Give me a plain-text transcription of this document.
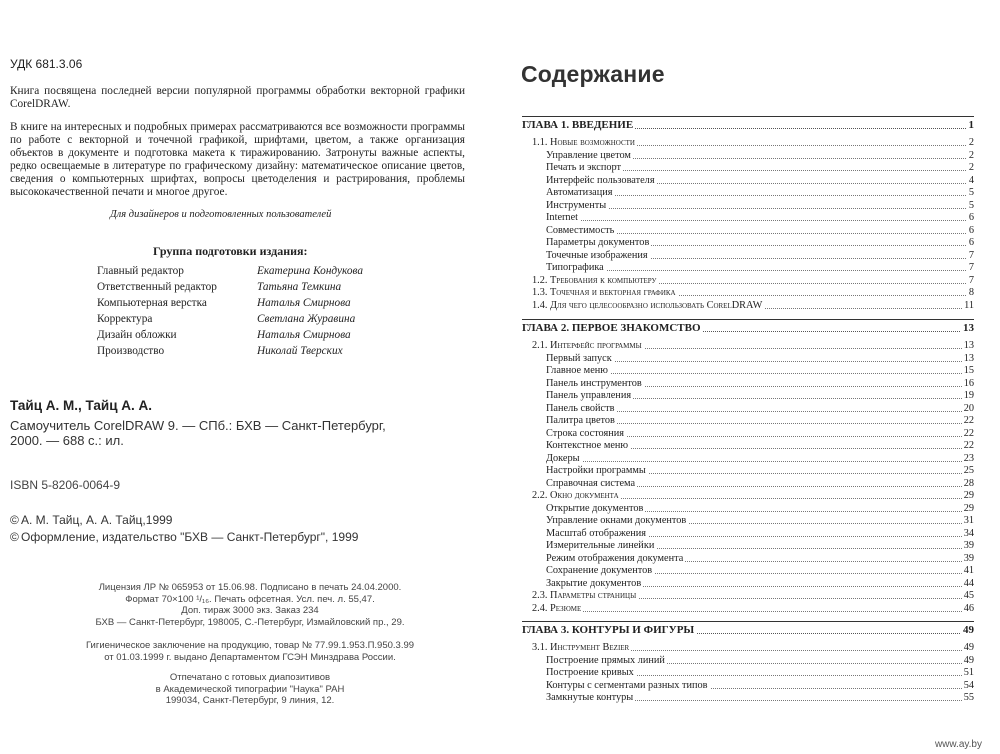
УДК 681.3.06

Книга посвящена последней версии популярной программы обработки векторной графики CorelDRAW.

В книге на интересных и подробных примерах рассматриваются все возможности программы по работе с векторной и точечной графикой, шрифтами, цветом, а также организация объектов в документе и подготовка макета к тиражированию. Затронуты важные аспекты, редко освещаемые в литературе по графическому дизайну: математическое описание цветов, сведения о компьютерных шрифтах, вопросы цветоделения и растрирования, проблемы высококачественной печати и многое другое.

Для дизайнеров и подготовленных пользователей
Группа подготовки издания:
Главный редактор	Екатерина Кондукова
Ответственный редактор	Татьяна Темкина
Компьютерная верстка	Наталья Смирнова
Корректура	Светлана Журавина
Дизайн обложки	Наталья Смирнова
Производство	Николай Тверских
Тайц А. М., Тайц А. А.

Самоучитель CorelDRAW 9. — СПб.: БХВ — Санкт-Петербург, 2000. — 688 с.: ил.

ISBN 5-8206-0064-9
© А. М. Тайц, А. А. Тайц,1999
© Оформление, издательство "БХВ — Санкт-Петербург", 1999
Лицензия ЛР № 065953 от 15.06.98. Подписано в печать 24.04.2000.
Формат 70×100 ¹/₁₆. Печать офсетная. Усл. печ. л. 55,47.
Доп. тираж 3000 экз. Заказ 234
БХВ — Санкт-Петербург, 198005, С.-Петербург, Измайловский пр., 29.
Гигиеническое заключение на продукцию, товар № 77.99.1.953.П.950.3.99
от 01.03.1999 г. выдано Департаментом ГСЭН Минздрава России.
Отпечатано с готовых диапозитивов
в Академической типографии "Наука" РАН
199034, Санкт-Петербург, 9 линия, 12.
Содержание
ГЛАВА 1. ВВЕДЕНИЕ	1
1.1. Новые возможности	2
Управление цветом	2
Печать и экспорт	2
Интерфейс пользователя	4
Автоматизация	5
Инструменты	5
Internet	6
Совместимость	6
Параметры документов	6
Точечные изображения	7
Типографика	7
1.2. Требования к компьютеру	7
1.3. Точечная и векторная графика	8
1.4. Для чего целесообразно использовать CorelDRAW	11
ГЛАВА 2. ПЕРВОЕ ЗНАКОМСТВО	13
2.1. Интерфейс программы	13
Первый запуск	13
Главное меню	15
Панель инструментов	16
Панель управления	19
Панель свойств	20
Палитра цветов	22
Строка состояния	22
Контекстное меню	22
Докеры	23
Настройки программы	25
Справочная система	28
2.2. Окно документа	29
Открытие документов	29
Управление окнами документов	31
Масштаб отображения	34
Измерительные линейки	39
Режим отображения документа	39
Сохранение документов	41
Закрытие документов	44
2.3. Параметры страницы	45
2.4. Резюме	46
ГЛАВА 3. КОНТУРЫ И ФИГУРЫ	49
3.1. Инструмент Bezier	49
Построение прямых линий	49
Построение кривых	51
Контуры с сегментами разных типов	54
Замкнутые контуры	55
www.ay.by
